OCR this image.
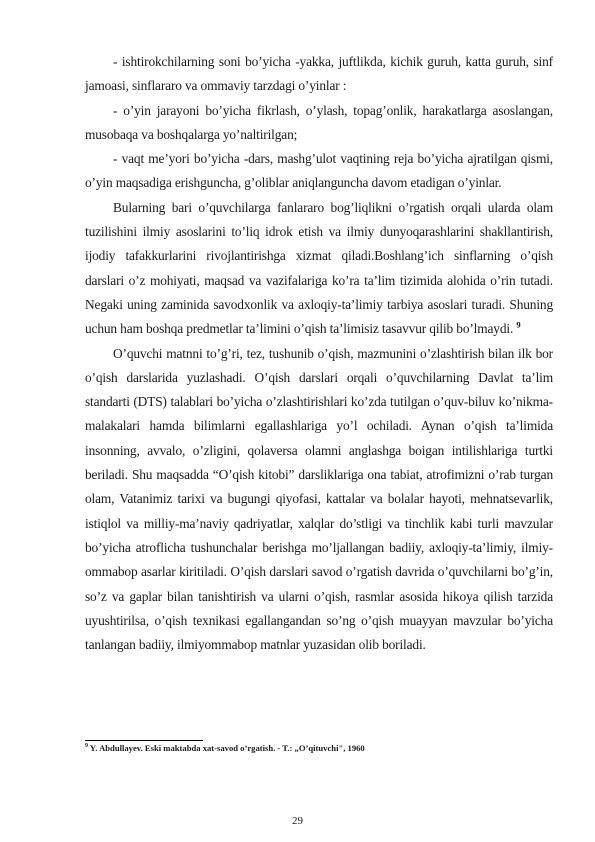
- ishtirokchilarning soni bo’yicha -yakka, juftlikda, kichik guruh, katta guruh, sinf jamoasi, sinflararo va ommaviy tarzdagi o’yinlar :

- o’yin jarayoni bo’yicha fikrlash, o’ylash, topag’onlik, harakatlarga asoslangan, musobaqa va boshqalarga yo’naltirilgan;

- vaqt me’yori bo’yicha -dars, mashg’ulot vaqtining reja bo’yicha ajratilgan qismi, o’yin maqsadiga erishguncha, g’oliblar aniqlanguncha davom etadigan o’yinlar.

Bularning bari o’quvchilarga fanlararo bog’liqlikni o’rgatish orqali ularda olam tuzilishini ilmiy asoslarini to’liq idrok etish va ilmiy dunyoqarashlarini shakllantirish, ijodiy tafakkurlarini rivojlantirishga xizmat qiladi.Boshlang’ich sinflarning o’qish darslari o’z mohiyati, maqsad va vazifalariga ko’ra ta’lim tizimida alohida o’rin tutadi. Negaki uning zaminida savodxonlik va axloqiy-ta’limiy tarbiya asoslari turadi. Shuning uchun ham boshqa predmetlar ta’limini o’qish ta’limisiz tasavvur qilib bo’lmaydi. $^9$

O’quvchi matnni to’g’ri, tez, tushunib o’qish, mazmunini o’zlashtirish bilan ilk bor o’qish darslarida yuzlashadi. O’qish darslari orqali o’quvchilarning Davlat ta’lim standarti (DTS) talablari bo’yicha o’zlashtirishlari ko’zda tutilgan o’quv-biluv ko’nikma-malakalari hamda bilimlarni egallashlariga yo’l ochiladi. Aynan o’qish ta’limida insonning, avvalo, o’zligini, qolaversa olamni anglashga boigan intilishlariga turtki beriladi. Shu maqsadda “O’qish kitobi” darsliklariga ona tabiat, atrofimizni o’rab turgan olam, Vatanimiz tarixi va bugungi qiyofasi, kattalar va bolalar hayoti, mehnatsevarlik, istiqlol va milliy-ma’naviy qadriyatlar, xalqlar do’stligi va tinchlik kabi turli mavzular bo’yicha atroflicha tushunchalar berishga mo’ljallangan badiiy, axloqiy-ta’limiy, ilmiy-ommabop asarlar kiritiladi. O’qish darslari savod o’rgatish davrida o’quvchilarni bo’g’in, so’z va gaplar bilan tanishtirish va ularni o’qish, rasmlar asosida hikoya qilish tarzida uyushtirilsa, o’qish texnikasi egallangandan so’ng o’qish muayyan mavzular bo’yicha tanlangan badiiy, ilmiyommabop matnlar yuzasidan olib boriladi.

$^9$ Y. Abdullayev. Eski maktabda xat-savod o’rgatish. - T.: „O’qituvchi", 1960
29
